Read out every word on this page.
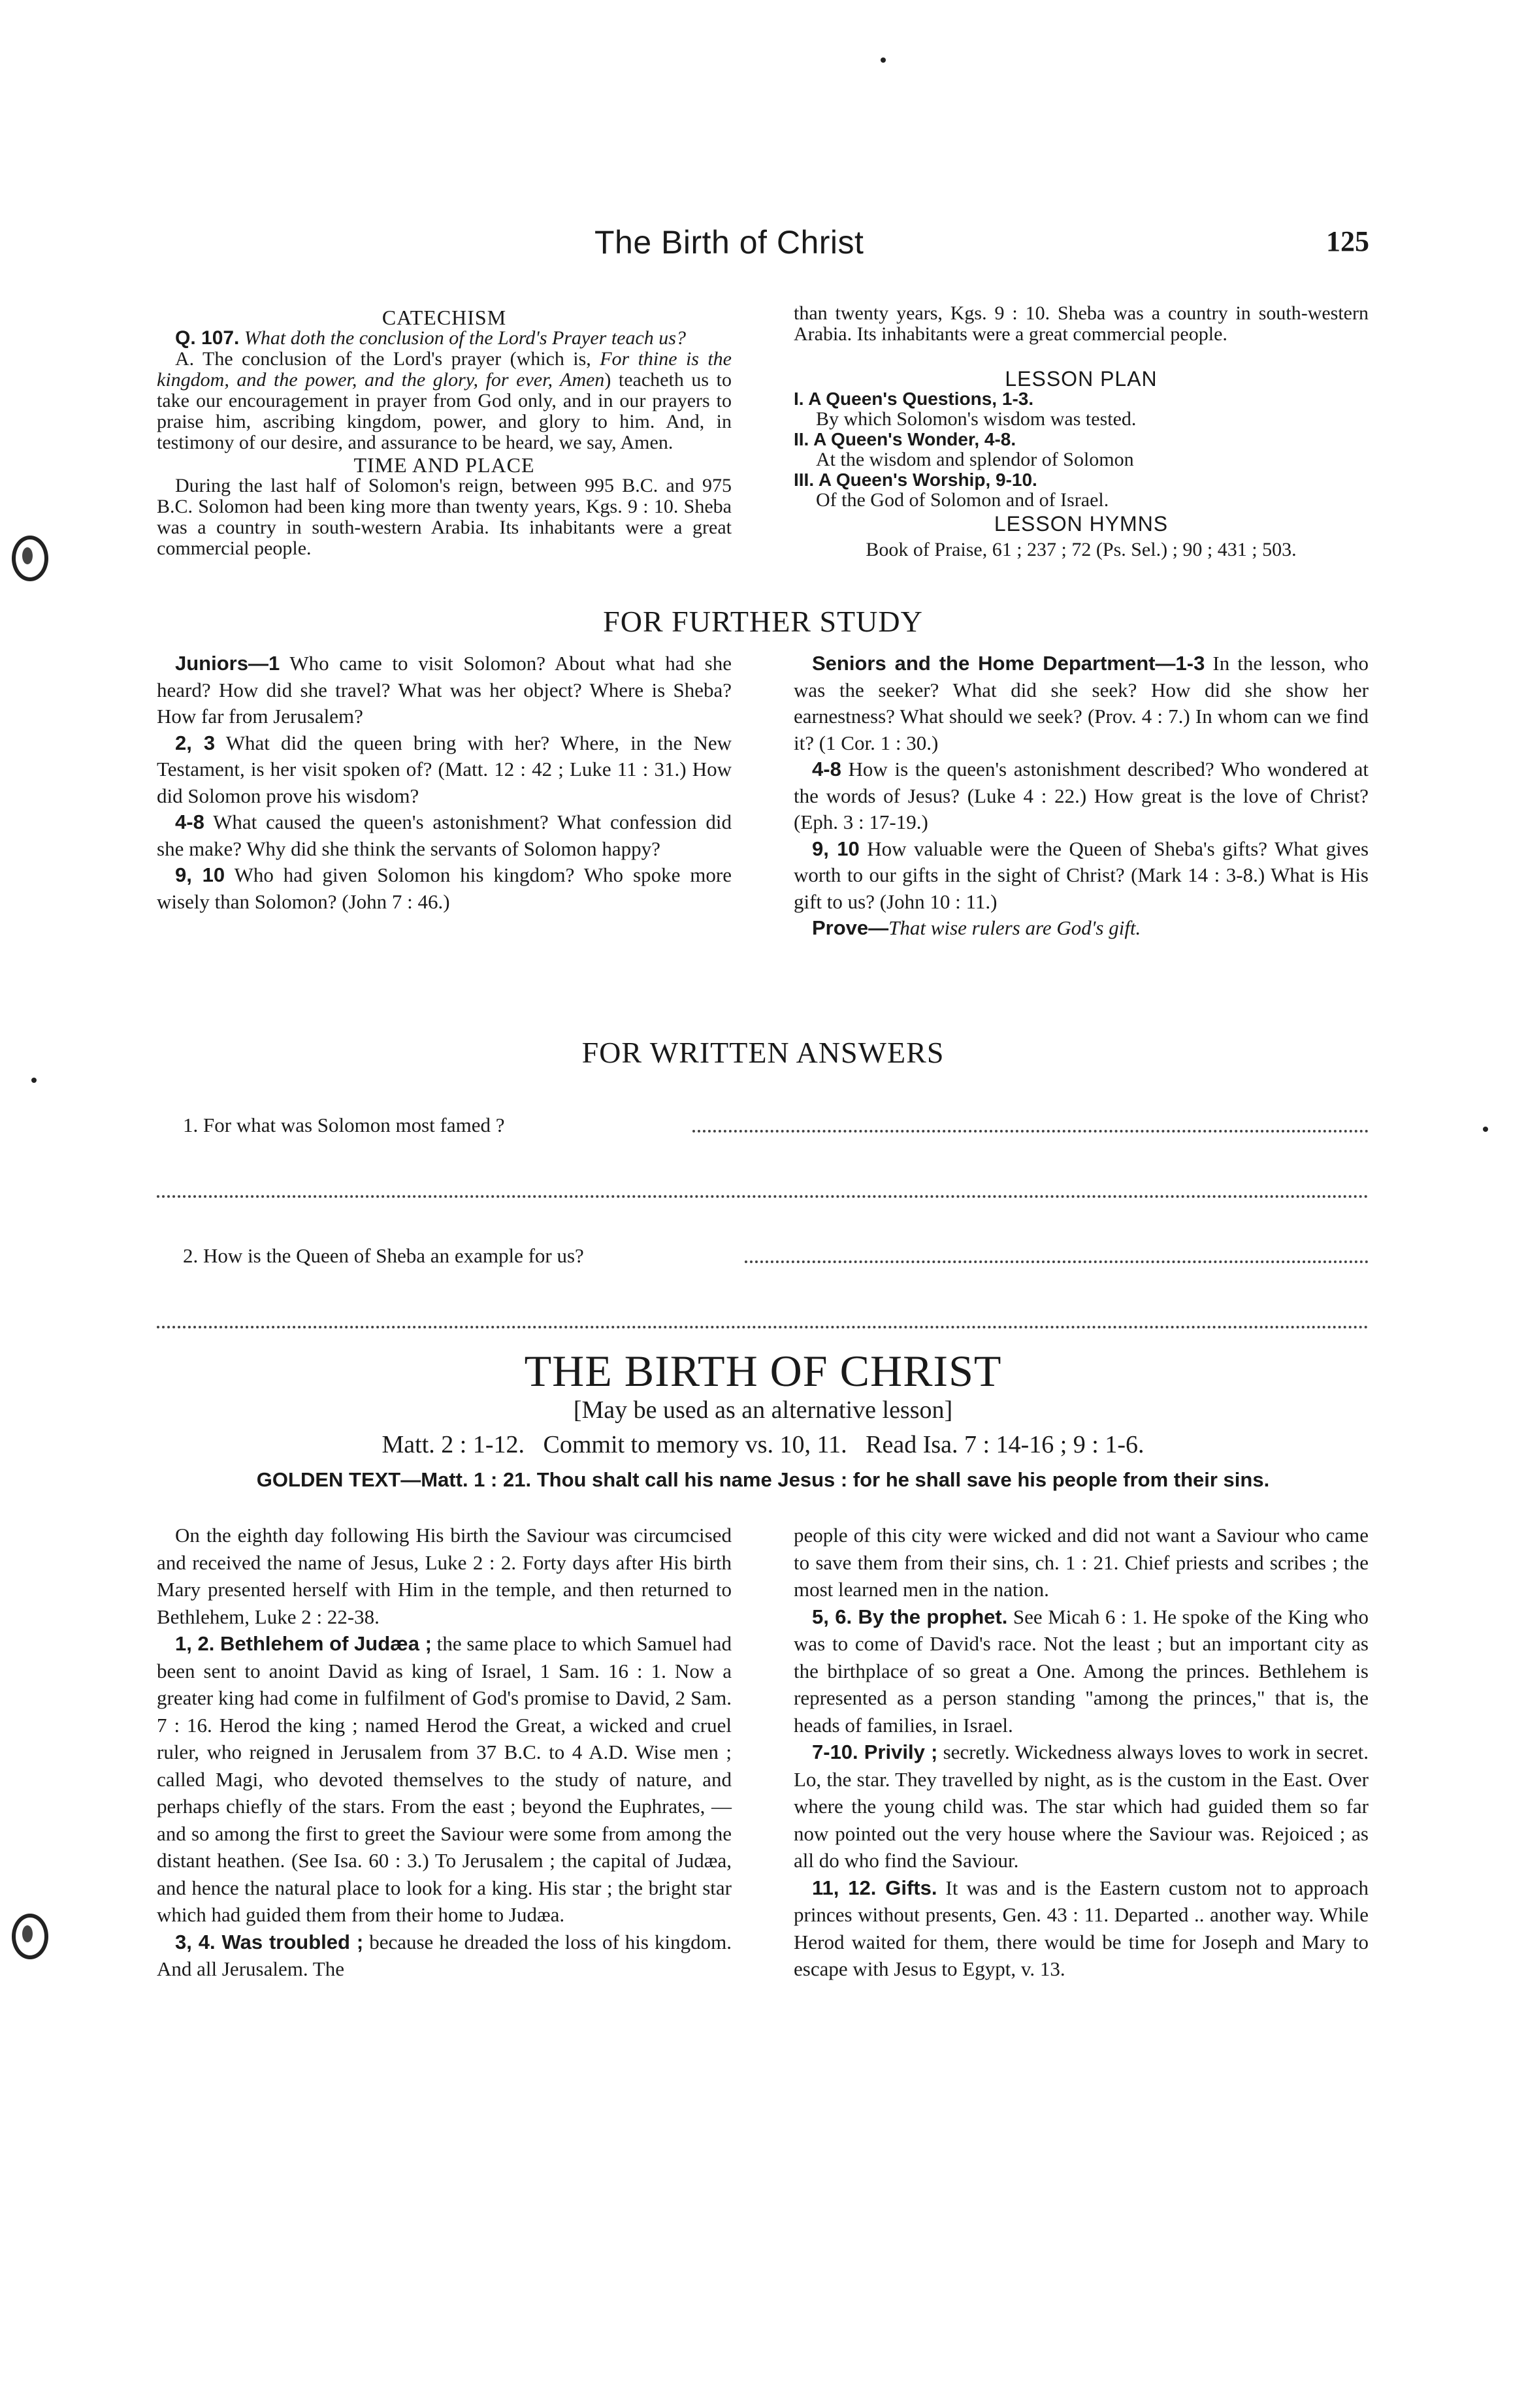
The Birth of Christ	125
CATECHISM

Q. 107. What doth the conclusion of the Lord's Prayer teach us?

A. The conclusion of the Lord's prayer (which is, For thine is the kingdom, and the power, and the glory, for ever, Amen) teacheth us to take our encouragement in prayer from God only, and in our prayers to praise him, ascribing kingdom, power, and glory to him. And, in testimony of our desire, and assurance to be heard, we say, Amen.

TIME AND PLACE

During the last half of Solomon's reign, between 995 B.C. and 975 B.C. Solomon had been king more than twenty years, Kgs. 9 : 10. Sheba was a country in south-western Arabia. Its inhabitants were a great commercial people.

than twenty years, Kgs. 9 : 10. Sheba was a country in south-western Arabia. Its inhabitants were a great commercial people.

LESSON PLAN

I. A Queen's Questions, 1-3.

By which Solomon's wisdom was tested.

II. A Queen's Wonder, 4-8.

At the wisdom and splendor of Solomon

III. A Queen's Worship, 9-10.

Of the God of Solomon and of Israel.

LESSON HYMNS

Book of Praise, 61 ; 237 ; 72 (Ps. Sel.) ; 90 ; 431 ; 503.

FOR FURTHER STUDY

Juniors—1 Who came to visit Solomon? About what had she heard? How did she travel? What was her object? Where is Sheba? How far from Jerusalem?

2, 3 What did the queen bring with her? Where, in the New Testament, is her visit spoken of? (Matt. 12 : 42 ; Luke 11 : 31.) How did Solomon prove his wisdom?

4-8 What caused the queen's astonishment? What confession did she make? Why did she think the servants of Solomon happy?

9, 10 Who had given Solomon his kingdom? Who spoke more wisely than Solomon? (John 7 : 46.)

Seniors and the Home Department—1-3 In the lesson, who was the seeker? What did she seek? How did she show her earnestness? What should we seek? (Prov. 4 : 7.) In whom can we find it? (1 Cor. 1 : 30.)

4-8 How is the queen's astonishment described? Who wondered at the words of Jesus? (Luke 4 : 22.) How great is the love of Christ? (Eph. 3 : 17-19.)

9, 10 How valuable were the Queen of Sheba's gifts? What gives worth to our gifts in the sight of Christ? (Mark 14 : 3-8.) What is His gift to us? (John 10 : 11.)

Prove—That wise rulers are God's gift.

FOR WRITTEN ANSWERS
1. For what was Solomon most famed ?
2. How is the Queen of Sheba an example for us?
THE BIRTH OF CHRIST
[May be used as an alternative lesson]
Matt. 2 : 1-12.   Commit to memory vs. 10, 11.   Read Isa. 7 : 14-16 ; 9 : 1-6.
GOLDEN TEXT—Matt. 1 : 21. Thou shalt call his name Jesus : for he shall save his people from their sins.

On the eighth day following His birth the Saviour was circumcised and received the name of Jesus, Luke 2 : 2. Forty days after His birth Mary presented herself with Him in the temple, and then returned to Bethlehem, Luke 2 : 22-38.

1, 2. Bethlehem of Judæa ; the same place to which Samuel had been sent to anoint David as king of Israel, 1 Sam. 16 : 1. Now a greater king had come in fulfilment of God's promise to David, 2 Sam. 7 : 16. Herod the king ; named Herod the Great, a wicked and cruel ruler, who reigned in Jerusalem from 37 B.C. to 4 A.D. Wise men ; called Magi, who devoted themselves to the study of nature, and perhaps chiefly of the stars. From the east ; beyond the Euphrates, —and so among the first to greet the Saviour were some from among the distant heathen. (See Isa. 60 : 3.) To Jerusalem ; the capital of Judæa, and hence the natural place to look for a king. His star ; the bright star which had guided them from their home to Judæa.

3, 4. Was troubled ; because he dreaded the loss of his kingdom. And all Jerusalem. The

people of this city were wicked and did not want a Saviour who came to save them from their sins, ch. 1 : 21. Chief priests and scribes ; the most learned men in the nation.

5, 6. By the prophet. See Micah 6 : 1. He spoke of the King who was to come of David's race. Not the least ; but an important city as the birthplace of so great a One. Among the princes. Bethlehem is represented as a person standing "among the princes," that is, the heads of families, in Israel.

7-10. Privily ; secretly. Wickedness always loves to work in secret. Lo, the star. They travelled by night, as is the custom in the East. Over where the young child was. The star which had guided them so far now pointed out the very house where the Saviour was. Rejoiced ; as all do who find the Saviour.

11, 12. Gifts. It was and is the Eastern custom not to approach princes without presents, Gen. 43 : 11. Departed .. another way. While Herod waited for them, there would be time for Joseph and Mary to escape with Jesus to Egypt, v. 13.
